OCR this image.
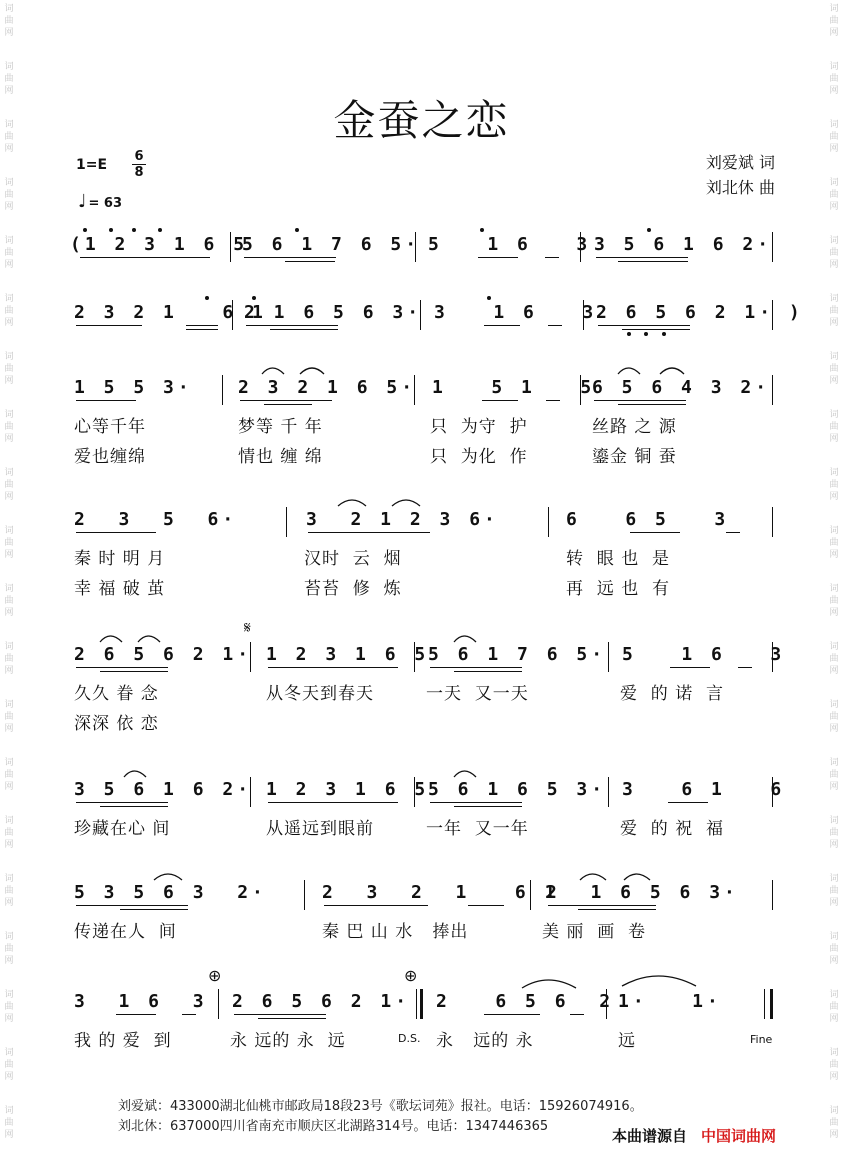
词
曲
网
词
曲
网
词
曲
网
词
曲
网
词
曲
网
词
曲
网
词
曲
网
词
曲
网
词
曲
网
词
曲
网
词
曲
网
词
曲
网
词
曲
网
词
曲
网
词
曲
网
词
曲
网
词
曲
网
词
曲
网
词
曲
网
词
曲
网
词
曲
网
词
曲
网
词
曲
网
词
曲
网
词
曲
网
词
曲
网
词
曲
网
词
曲
网
词
曲
网
词
曲
网
词
曲
网
词
曲
网
词
曲
网
词
曲
网
词
曲
网
词
曲
网
词
曲
网
词
曲
网
词
曲
网
词
曲
网
金蚕之恋
1=E
6
8
♩ = 63
刘爱斌 词
刘北休 曲
(1 2 3 1 6 5
5 6 1 7 6 5· 5   1 6   3 3 5 6 1 6 2·
2 3 2 1   6 1
2 1 6 5 6 3· 3   1 6   3
2 6 5 6 2 1· )
1 5 5 3·	2 3 2 1 6 5· 1   5 1   5
6 5 6 4 3 2·
心等千年	梦等 千 年	只  为守  护	丝路 之 源
爱也缠绵	情也 缠 绵	只  为化  作	鎏金 铜 蚕
2  3  5  6·	3  2 1 2 3 6·	6   6 5   3
秦 时 明 月	汉时  云  烟	转  眼 也  是
幸 福 破 茧	苔苔  修  炼	再  远 也  有
𝄋
2 6 5 6 2 1· 1 2 3 1 6 5
5 6 1 7 6 5· 5   1 6   3
久久 眷 念	从冬天到春天	一天  又一天	爱  的 诺  言
深深 依 恋
3 5 6 1 6 2· 1 2 3 1 6 5
5 6 1 6 5 3· 3   6 1   6
珍藏在心 间	从遥远到眼前	一年  又一年	爱  的 祝  福
5 3 5 6 3  2·	2  3  2  1   6 1
2  1 6 5 6 3·
传递在人  间	秦 巴 山 水   捧出	美 丽  画  卷
⊕	⊕
3  1 6  3 2 6 5 6 2 1· 2   6 5 6  2 1·   1·
我 的 爱  到	永 远的 永  远	D.S. 永   远的 永	远	Fine
刘爱斌：433000湖北仙桃市邮政局18段23号《歌坛词苑》报社。电话：15926074916。
刘北休：637000四川省南充市顺庆区北湖路314号。电话：1347446365
本曲谱源自 中国词曲网
